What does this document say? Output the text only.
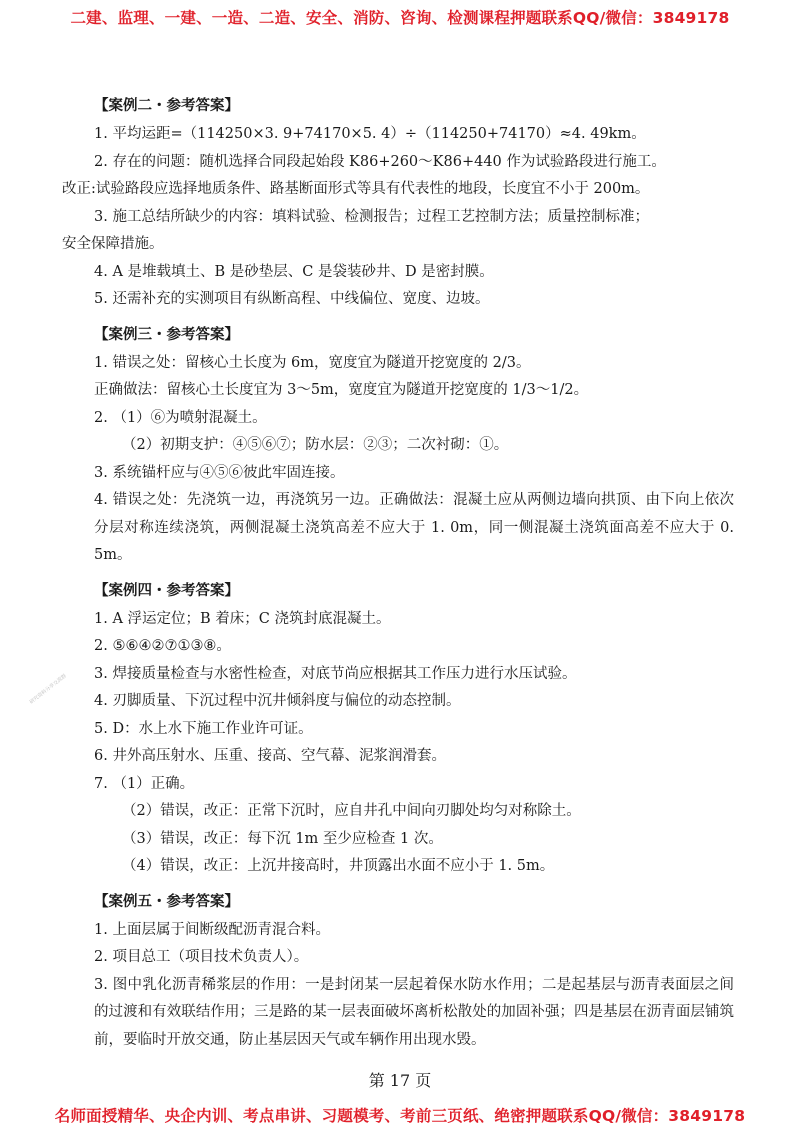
二建、监理、一建、一造、二造、安全、消防、咨询、检测课程押题联系QQ/微信：3849178
研究资料分享交流群
【案例二・参考答案】
1. 平均运距=（114250×3. 9+74170×5. 4）÷（114250+74170）≈4. 49km。
2. 存在的问题：随机选择合同段起始段 K86+260～K86+440 作为试验路段进行施工。
改正:试验路段应选择地质条件、路基断面形式等具有代表性的地段，长度宜不小于 200m。
3. 施工总结所缺少的内容：填料试验、检测报告；过程工艺控制方法；质量控制标准；
安全保障措施。
4. A 是堆载填土、B 是砂垫层、C 是袋装砂井、D 是密封膜。
5. 还需补充的实测项目有纵断高程、中线偏位、宽度、边坡。
【案例三・参考答案】
1. 错误之处：留核心土长度为 6m，宽度宜为隧道开挖宽度的 2/3。
正确做法：留核心土长度宜为 3～5m，宽度宜为隧道开挖宽度的 1/3～1/2。
2. （1）⑥为喷射混凝土。
（2）初期支护：④⑤⑥⑦；防水层：②③；二次衬砌：①。
3. 系统锚杆应与④⑤⑥彼此牢固连接。
4. 错误之处：先浇筑一边，再浇筑另一边。正确做法：混凝土应从两侧边墙向拱顶、由下向上依次分层对称连续浇筑，两侧混凝土浇筑高差不应大于 1. 0m，同一侧混凝土浇筑面高差不应大于 0. 5m。
【案例四・参考答案】
1. A 浮运定位；B 着床；C 浇筑封底混凝土。
2. ⑤⑥④②⑦①③⑧。
3. 焊接质量检查与水密性检查，对底节尚应根据其工作压力进行水压试验。
4. 刃脚质量、下沉过程中沉井倾斜度与偏位的动态控制。
5. D：水上水下施工作业许可证。
6. 井外高压射水、压重、接高、空气幕、泥浆润滑套。
7. （1）正确。
（2）错误，改正：正常下沉时，应自井孔中间向刃脚处均匀对称除土。
（3）错误，改正：每下沉 1m 至少应检查 1 次。
（4）错误，改正：上沉井接高时，井顶露出水面不应小于 1. 5m。
【案例五・参考答案】
1. 上面层属于间断级配沥青混合料。
2. 项目总工（项目技术负责人）。
3. 图中乳化沥青稀浆层的作用：一是封闭某一层起着保水防水作用；二是起基层与沥青表面层之间的过渡和有效联结作用；三是路的某一层表面破坏离析松散处的加固补强；四是基层在沥青面层铺筑前，要临时开放交通，防止基层因天气或车辆作用出现水毁。
第 17 页
名师面授精华、央企内训、考点串讲、习题模考、考前三页纸、绝密押题联系QQ/微信：3849178
